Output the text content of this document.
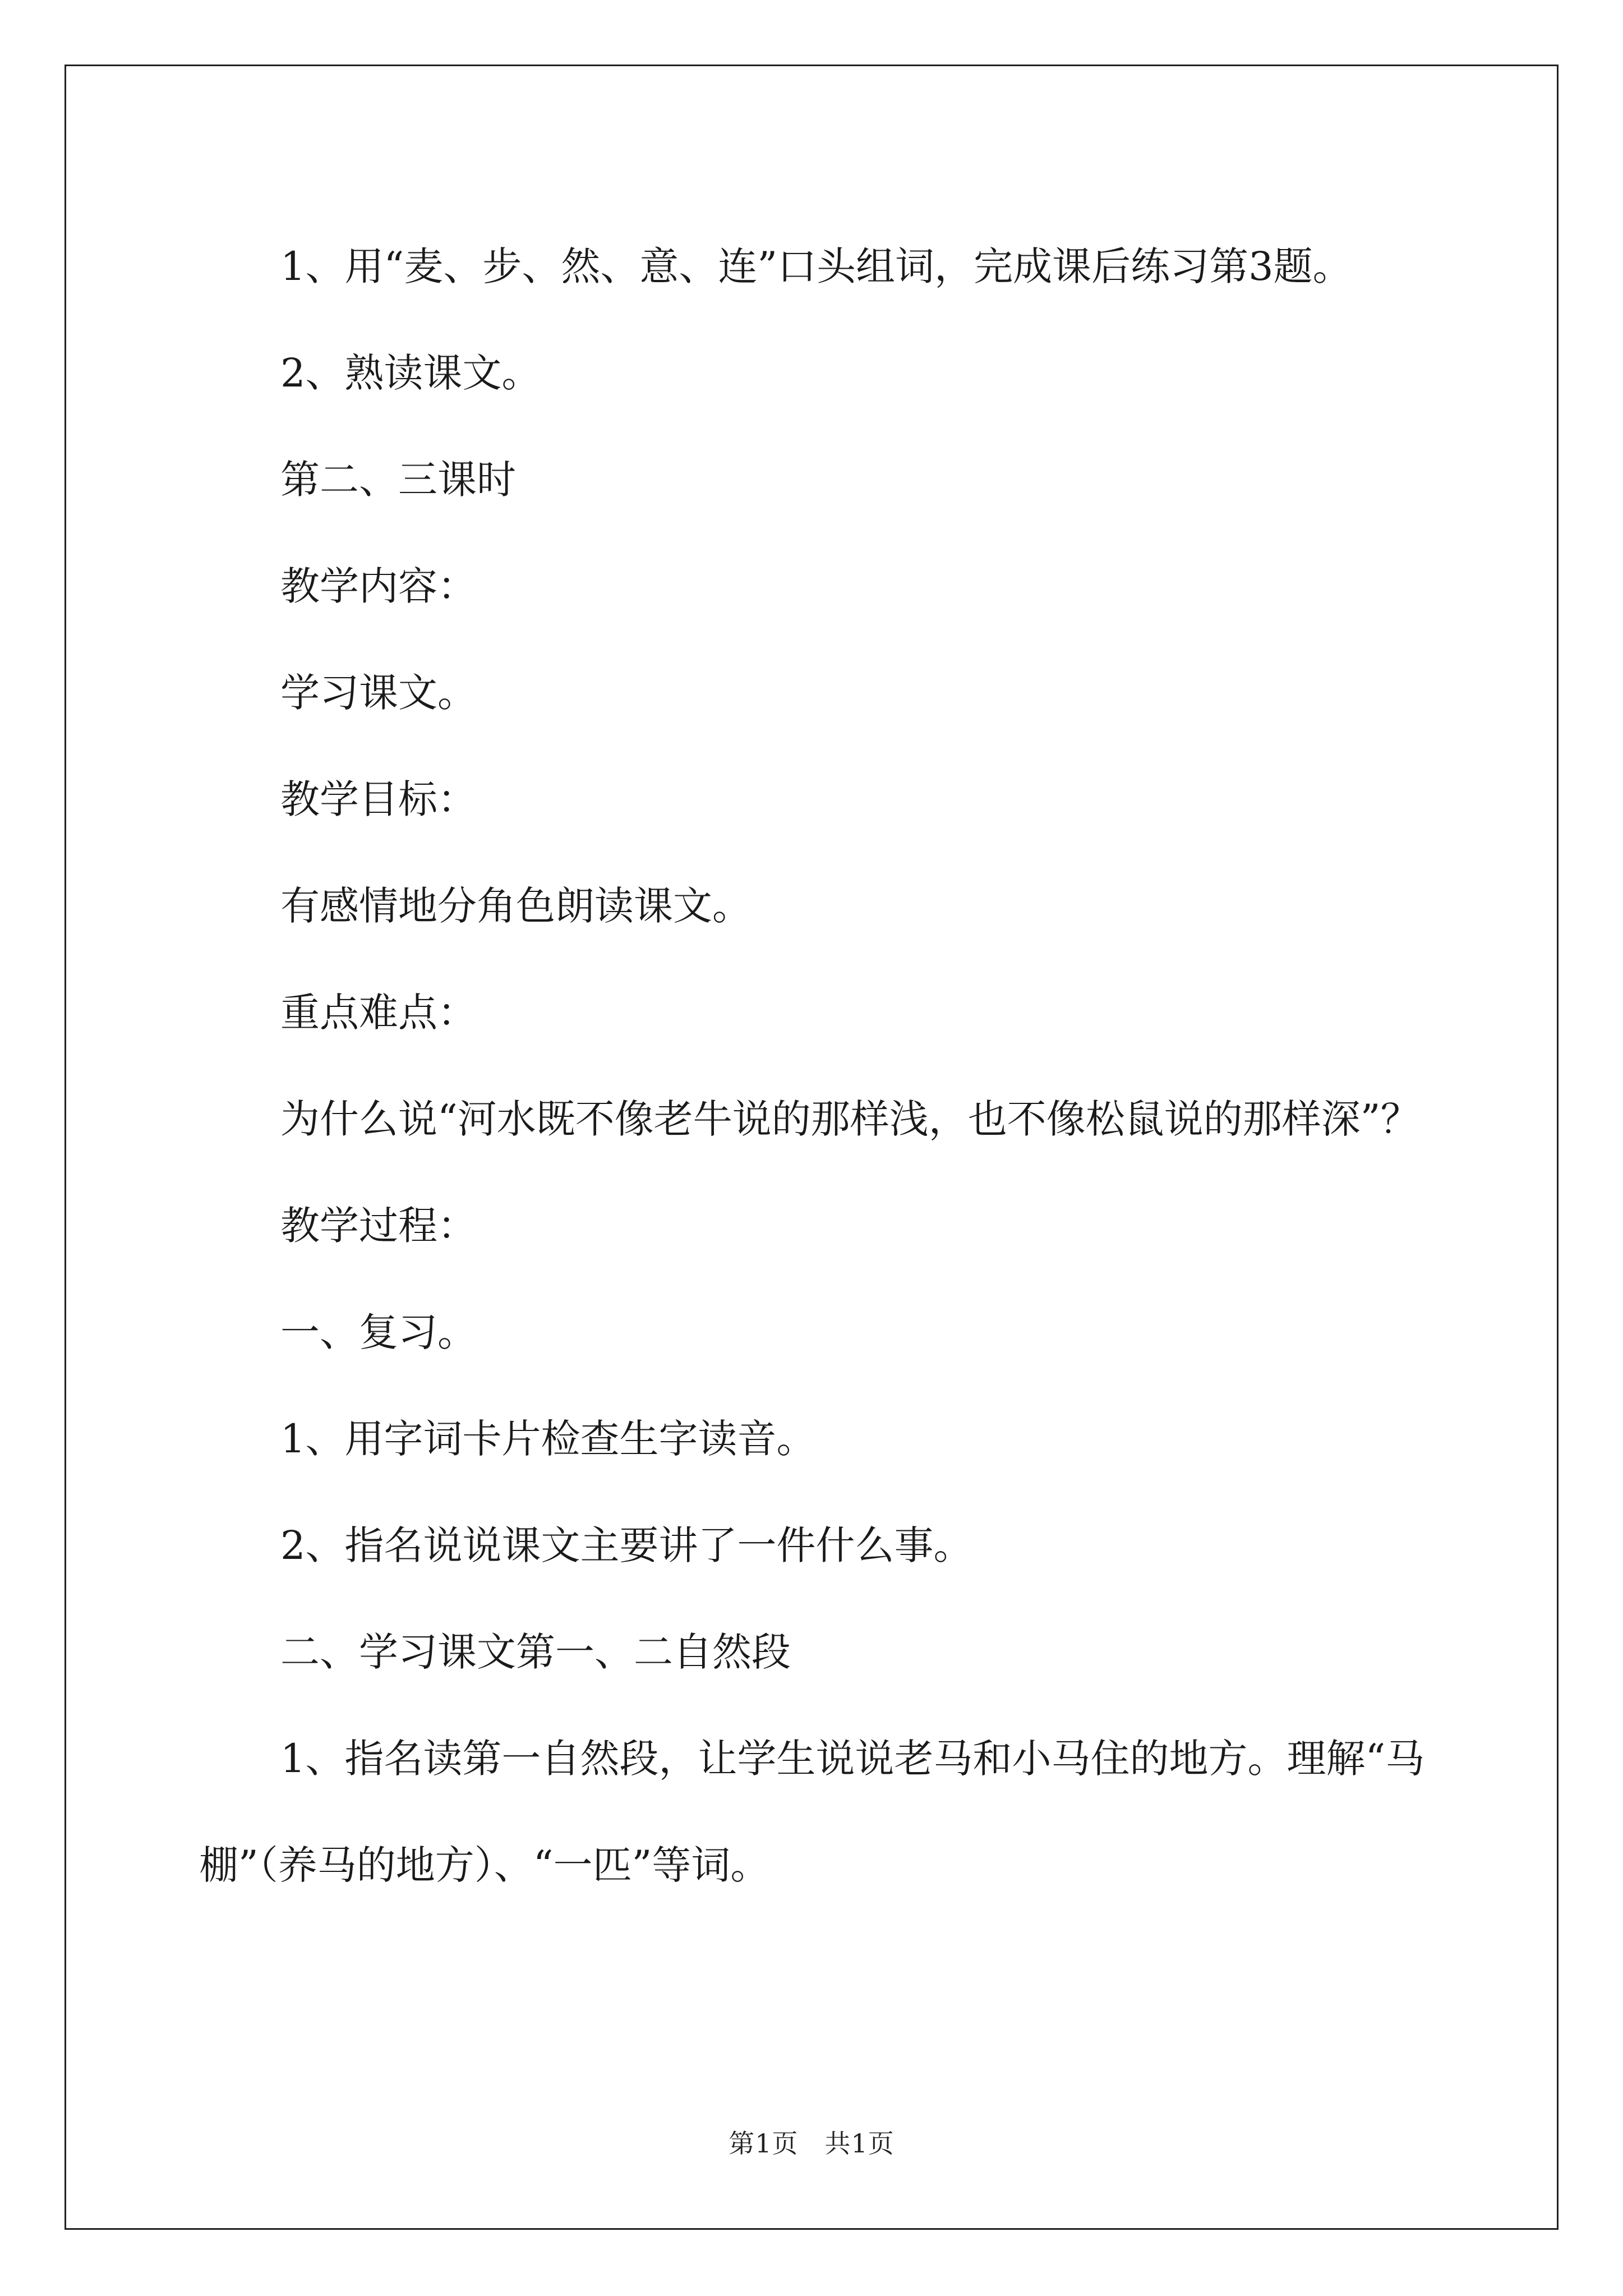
1、用“麦、步、然、意、连”口头组词，完成课后练习第3题。

2、熟读课文。

第二、三课时

教学内容：

学习课文。

教学目标：

有感情地分角色朗读课文。

重点难点：

为什么说“河水既不像老牛说的那样浅，也不像松鼠说的那样深”？

教学过程：

一、复习。

1、用字词卡片检查生字读音。

2、指名说说课文主要讲了一件什么事。

二、学习课文第一、二自然段

1、指名读第一自然段，让学生说说老马和小马住的地方。理解“马棚”（养马的地方）、“一匹”等词。

第1页　共1页
